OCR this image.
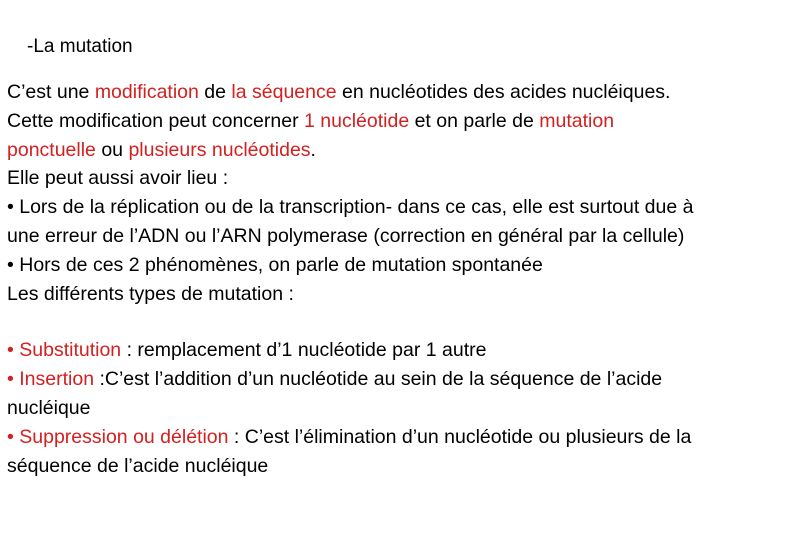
-La mutation
C’est une modification de la séquence en nucléotides des acides nucléiques.
Cette modification peut concerner 1 nucléotide et on parle de mutation
ponctuelle ou plusieurs nucléotides.
Elle peut aussi avoir lieu :
• Lors de la réplication ou de la transcription- dans ce cas, elle est surtout due à
une erreur de l’ADN ou l’ARN polymerase (correction en général par la cellule)
• Hors de ces 2 phénomènes, on parle de mutation spontanée
Les différents types de mutation :
• Substitution : remplacement d’1 nucléotide par 1 autre
• Insertion :C’est l’addition d’un nucléotide au sein de la séquence de l’acide
nucléique
• Suppression ou délétion : C’est l’élimination d’un nucléotide ou plusieurs de la
séquence de l’acide nucléique
